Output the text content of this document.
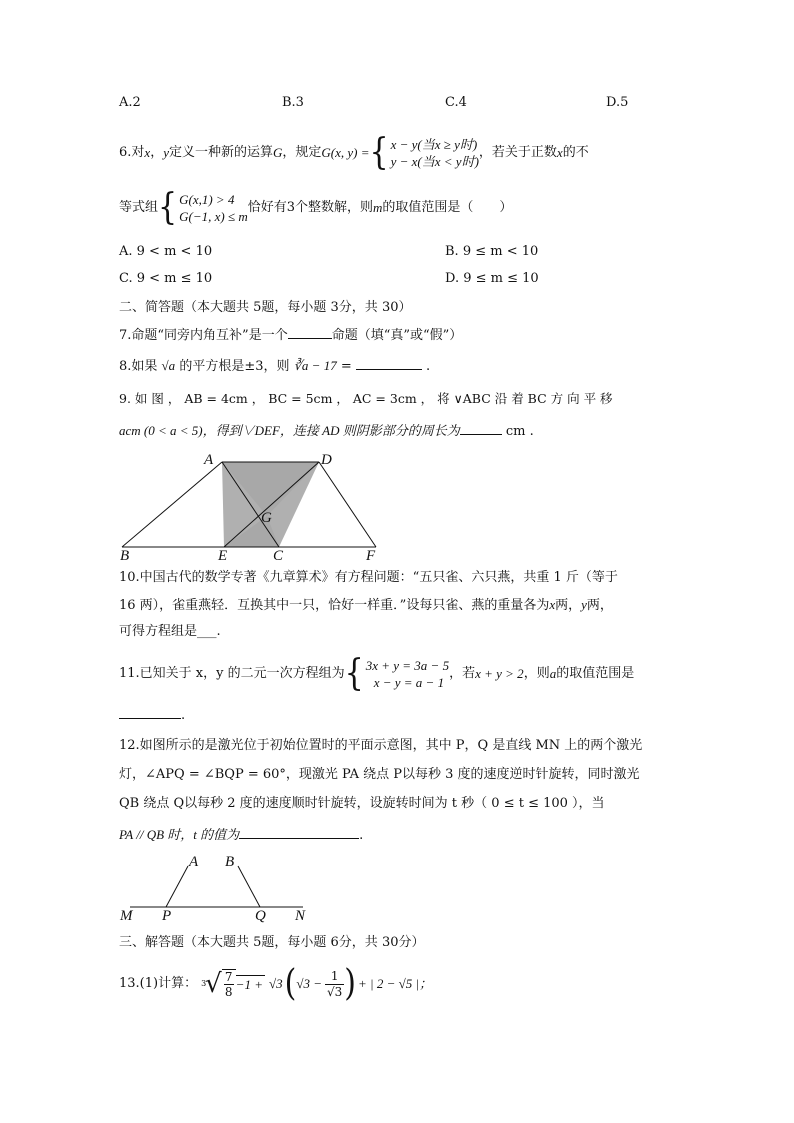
A.2	B.3	C.4	D.5
6.对 x ， y 定义一种新的运算 G ，规定 G(x, y) = { x − y(当x ≥ y时)
y − x(当x < y时)
，若关于正数 x 的不
等式组 { G(x,1) > 4
G(−1, x) ≤ m
恰好有3个整数解，则 m 的取值范围是（　　）
A. 9 < m < 10	B. 9 ≤ m < 10
C. 9 < m ≤ 10	D. 9 ≤ m ≤ 10
二、简答题（本大题共 5题，每小题 3分，共 30）
7.命题“同旁内角互补”是一个	命题（填“真”或“假”）
8.如果 √a 的平方根是±3，则 ∛a − 17 =	.
9. 如 图 ， AB = 4cm ， BC = 5cm ， AC = 3cm ， 将 ∨ABC 沿 着 BC 方 向 平 移
acm (0 < a < 5)，得到∨DEF，连接 AD 则阴影部分的周长为	cm .
A	D
G
B	E	C	F
10.中国古代的数学专著《九章算术》有方程问题：“五只雀、六只燕，共重 1 斤（等于
16 两），雀重燕轻．互换其中一只，恰好一样重．”设每只雀、燕的重量各为x两，y两，
可得方程组是___.
11.已知关于 x，y 的二元一次方程组为 { 3x + y = 3a − 5
x − y = a − 1
，若 x + y > 2 ，则 a 的取值范围是
.
12.如图所示的是激光位于初始位置时的平面示意图，其中 P，Q 是直线 MN 上的两个激光
灯，∠APQ = ∠BQP = 60°，现激光 PA 绕点 P以每秒 3 度的速度逆时针旋转，同时激光
QB 绕点 Q以每秒 2 度的速度顺时针旋转，设旋转时间为 t 秒（ 0 ≤ t ≤ 100 ），当
PA // QB 时，t 的值为	.
A B
M P	Q N
三、解答题（本大题共 5题，每小题 6分，共 30分）
13.(1)计算： 3
√ 7
8
−1 + √3 ( $√3 - \frac{1}{√3}$ ) + | 2 − √5 |；
